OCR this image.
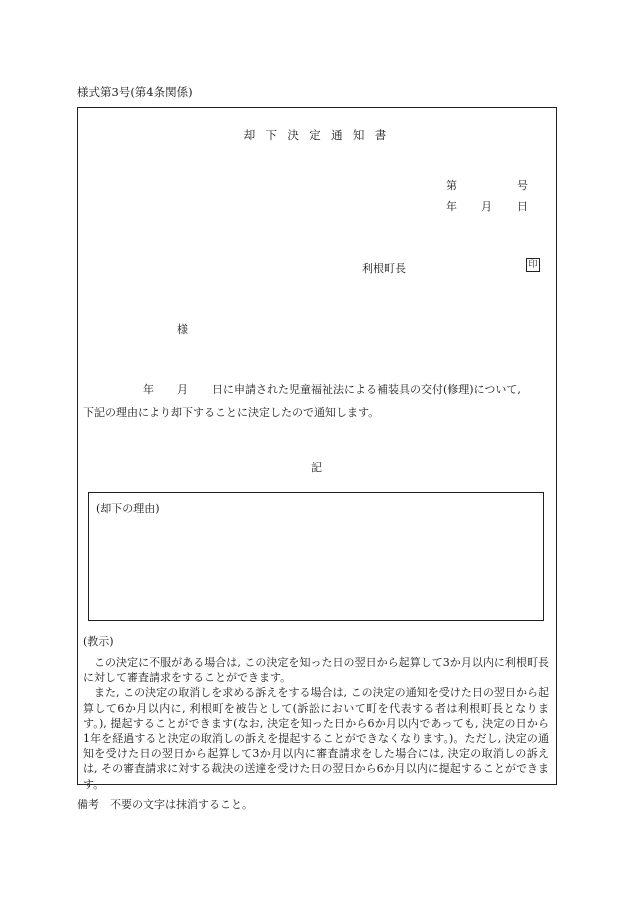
様式第3号(第4条関係)
却下決定通知書
第	号
年 月 日
利根町長	印
様
年 月 日に申請された児童福祉法による補装具の交付(修理)について,
下記の理由により却下することに決定したので通知します。
記
(却下の理由)
(教示)

この決定に不服がある場合は, この決定を知った日の翌日から起算して3か月以内に利根町長に対して審査請求をすることができます。

また, この決定の取消しを求める訴えをする場合は, この決定の通知を受けた日の翌日から起算して6か月以内に, 利根町を被告として(訴訟において町を代表する者は利根町長となります。), 提起することができます(なお, 決定を知った日から6か月以内であっても, 決定の日から1年を経過すると決定の取消しの訴えを提起することができなくなります。)。ただし, 決定の通知を受けた日の翌日から起算して3か月以内に審査請求をした場合には, 決定の取消しの訴えは, その審査請求に対する裁決の送達を受けた日の翌日から6か月以内に提起することができます。

備考　不要の文字は抹消すること。
